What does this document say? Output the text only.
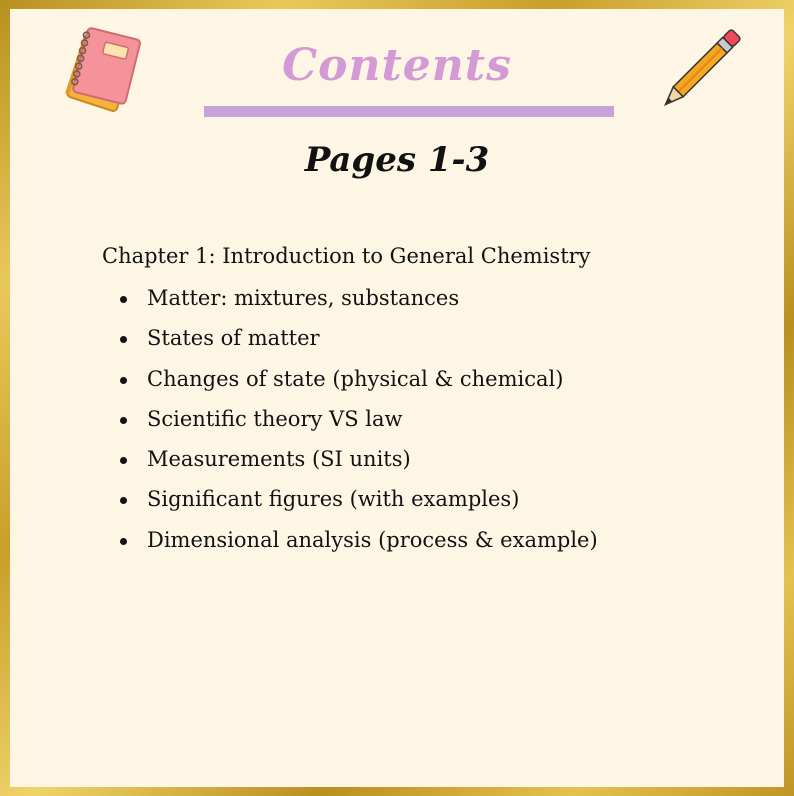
Contents
Pages 1-3

Chapter 1: Introduction to General Chemistry

Matter: mixtures, substances
States of matter
Changes of state (physical & chemical)
Scientific theory VS law
Measurements (SI units)
Significant figures (with examples)
Dimensional analysis (process & example)
